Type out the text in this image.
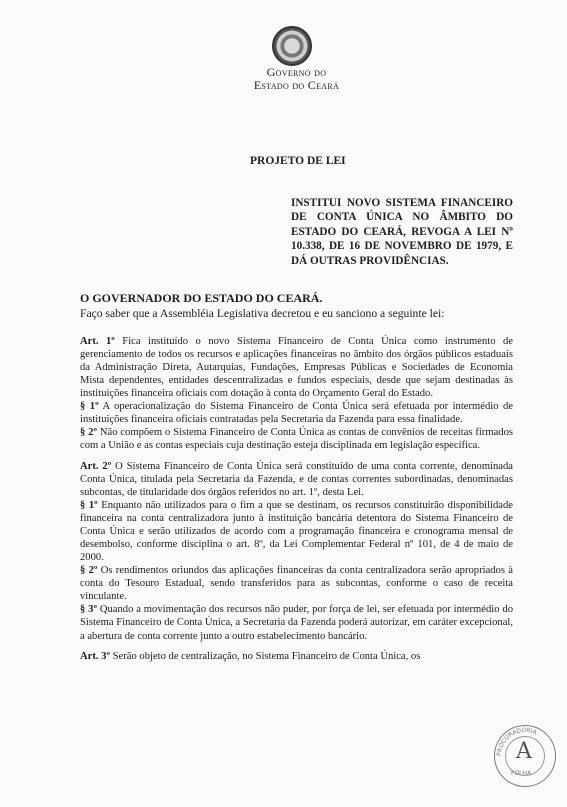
Governo do
Estado do Ceará
PROJETO DE LEI
INSTITUI NOVO SISTEMA FINANCEIRO DE CONTA ÚNICA NO ÂMBITO DO ESTADO DO CEARÁ, REVOGA A LEI Nº 10.338, DE 16 DE NOVEMBRO DE 1979, E DÁ OUTRAS PROVIDÊNCIAS.
O GOVERNADOR DO ESTADO DO CEARÁ.
Faço saber que a Assembléia Legislativa decretou e eu sanciono a seguinte lei:

Art. 1º Fica instituído o novo Sistema Financeiro de Conta Única como instrumento de gerenciamento de todos os recursos e aplicações financeiras no âmbito dos órgãos públicos estaduais da Administração Direta, Autarquias, Fundações, Empresas Públicas e Sociedades de Economia Mista dependentes, entidades descentralizadas e fundos especiais, desde que sejam destinadas às instituições financeira oficiais com dotação à conta do Orçamento Geral do Estado.

§ 1º A operacionalização do Sistema Financeiro de Conta Única será efetuada por intermédio de instituições financeira oficiais contratadas pela Secretaria da Fazenda para essa finalidade.

§ 2º Não compõem o Sistema Financeiro de Conta Única as contas de convênios de receitas firmados com a União e as contas especiais cuja destinação esteja disciplinada em legislação específica.

Art. 2º O Sistema Financeiro de Conta Única será constituído de uma conta corrente, denominada Conta Única, titulada pela Secretaria da Fazenda, e de contas correntes subordinadas, denominadas subcontas, de titularidade dos órgãos referidos no art. 1º, desta Lei.

§ 1º Enquanto não utilizados para o fim a que se destinam, os recursos constituirão disponibilidade financeira na conta centralizadora junto à instituição bancária detentora do Sistema Financeiro de Conta Única e serão utilizados de acordo com a programação financeira e cronograma mensal de desembolso, conforme disciplina o art. 8º, da Lei Complementar Federal nº 101, de 4 de maio de 2000.

§ 2º Os rendimentos oriundos das aplicações financeiras da conta centralizadora serão apropriados à conta do Tesouro Estadual, sendo transferidos para as subcontas, conforme o caso de receita vinculante.

§ 3º Quando a movimentação dos recursos não puder, por força de lei, ser efetuada por intermédio do Sistema Financeiro de Conta Única, a Secretaria da Fazenda poderá autorizar, em caráter excepcional, a abertura de conta corrente junto a outro estabelecimento bancário.

Art. 3º Serão objeto de centralização, no Sistema Financeiro de Conta Única, os

PROCURADORIA
A
FOLHA
